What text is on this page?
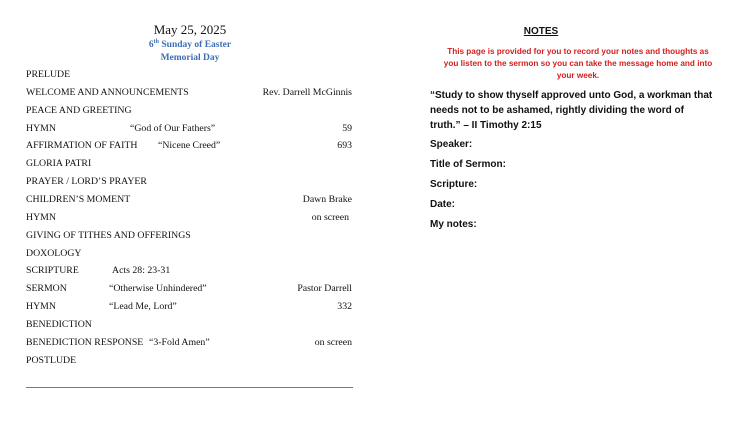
May 25, 2025
6th Sunday of Easter
Memorial Day
PRELUDE
WELCOME AND ANNOUNCEMENTS	Rev. Darrell McGinnis
PEACE AND GREETING
HYMN	“God of Our Fathers”	59
AFFIRMATION OF FAITH “Nicene Creed”	693
GLORIA PATRI
PRAYER / LORD’S PRAYER
CHILDREN’S MOMENT	Dawn Brake
HYMN	on screen
GIVING OF TITHES AND OFFERINGS
DOXOLOGY
SCRIPTURE	Acts 28: 23-31
SERMON	“Otherwise Unhindered”	Pastor Darrell
HYMN	“Lead Me, Lord”	332
BENEDICTION
BENEDICTION RESPONSE “3-Fold Amen”	on screen
POSTLUDE
NOTES
This page is provided for you to record your notes and thoughts as you listen to the sermon so you can take the message home and into your week.
“Study to show thyself approved unto God, a workman that needs not to be ashamed, rightly dividing the word of truth.” – II Timothy 2:15
Speaker:
Title of Sermon:
Scripture:
Date:
My notes:
